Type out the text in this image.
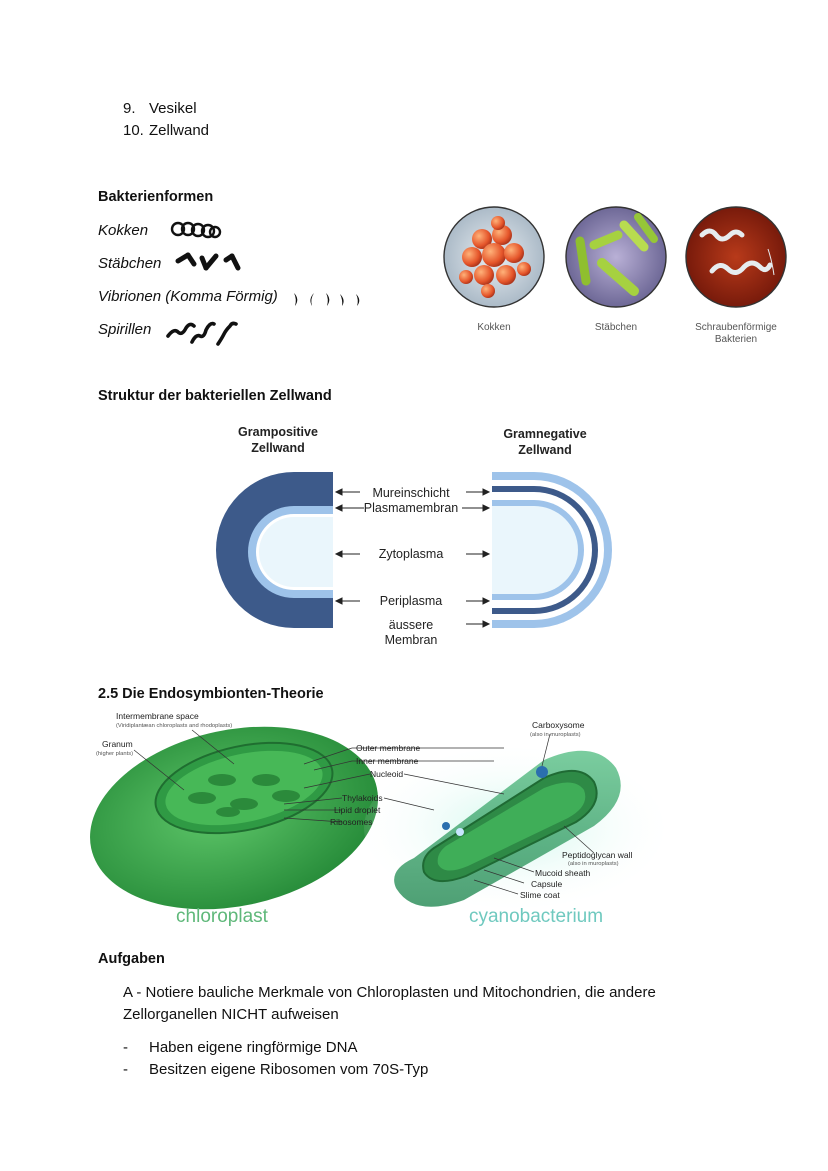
9. Vesikel
10. Zellwand
Bakterienformen
Kokken
Stäbchen
Vibrionen (Komma Förmig)
Spirillen	Kokken	Stäbchen	Schraubenförmige
Bakterien
Struktur der bakteriellen Zellwand
Grampositive
Zellwand
Gramnegative
Zellwand
Mureinschicht
Plasmamembran
Zytoplasma
Periplasma
äussere
Membran
2.5 Die Endosymbionten-Theorie
Intermembrane space
(Viridiplantæan chloroplasts and rhodoplasts)
Granum
(higher plants)
Outer membrane
Inner membrane
Nucleoid
Thylakoids
Lipid droplet
Ribosomes
Carboxysome
(also in muroplasts)
Peptidoglycan wall
(also in muroplasts)
Mucoid sheath
Capsule
Slime coat
chloroplast	cyanobacterium
Aufgaben
A - Notiere bauliche Merkmale von Chloroplasten und Mitochondrien, die andere
Zellorganellen NICHT aufweisen
- Haben eigene ringförmige DNA
- Besitzen eigene Ribosomen vom 70S-Typ
